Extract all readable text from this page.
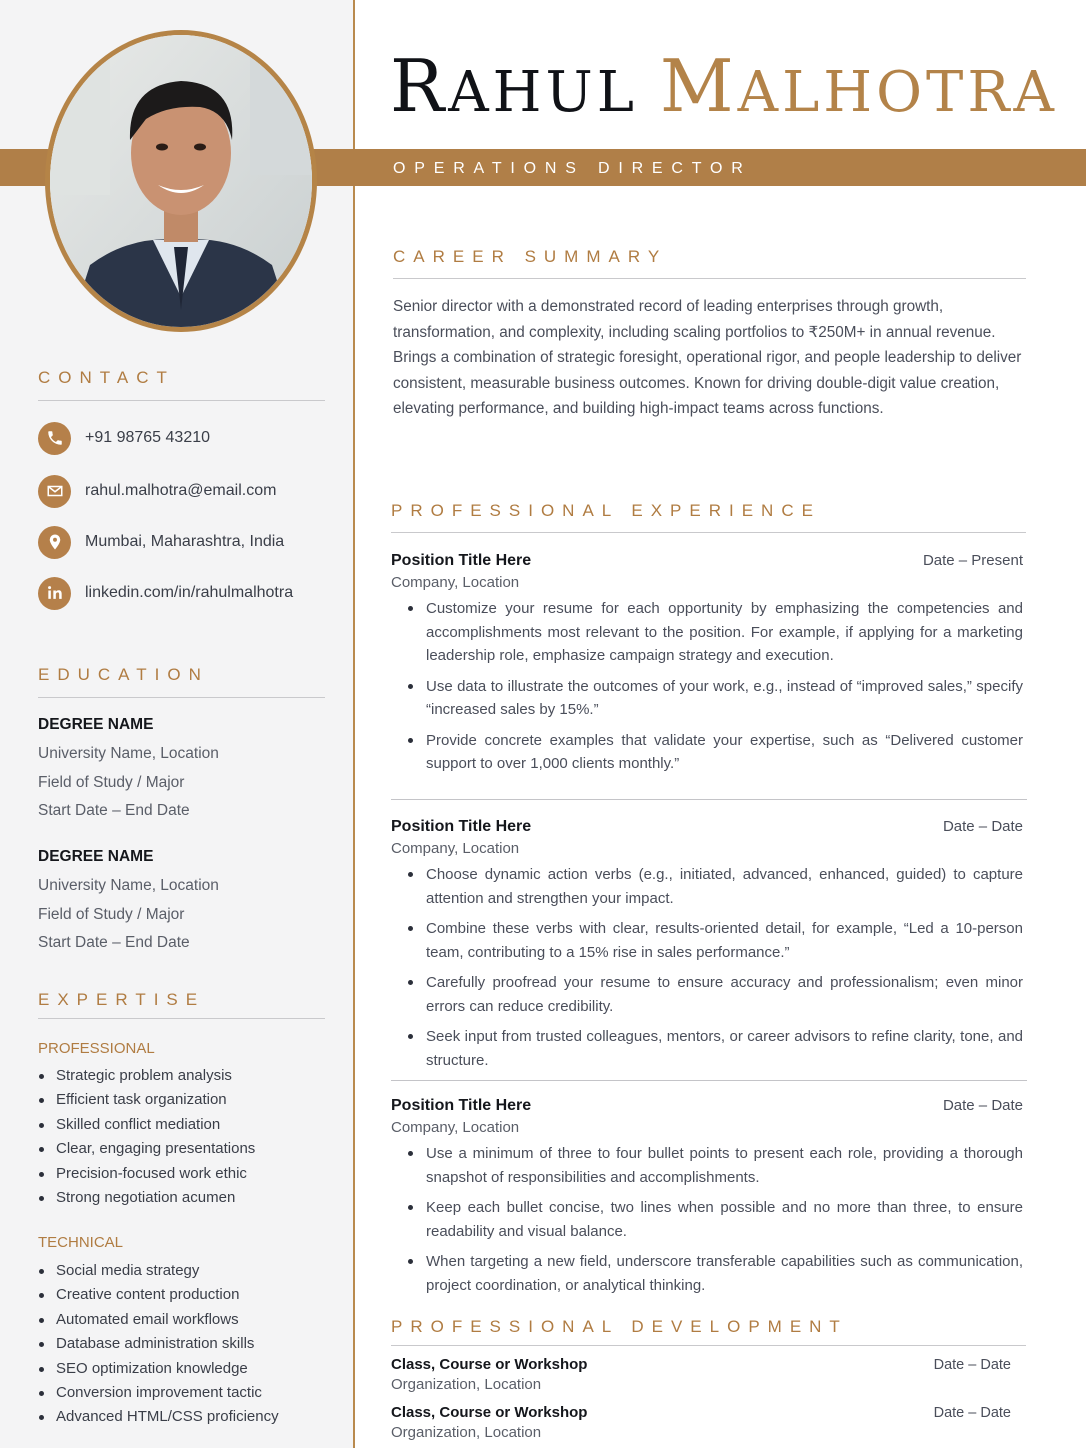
RAHUL MALHOTRA
OPERATIONS DIRECTOR
CONTACT
+91 98765 43210
rahul.malhotra@email.com
Mumbai, Maharashtra, India
linkedin.com/in/rahulmalhotra
EDUCATION
DEGREE NAME
University Name, Location
Field of Study / Major
Start Date – End Date
DEGREE NAME
University Name, Location
Field of Study / Major
Start Date – End Date
EXPERTISE
PROFESSIONAL
Strategic problem analysis
Efficient task organization
Skilled conflict mediation
Clear, engaging presentations
Precision-focused work ethic
Strong negotiation acumen
TECHNICAL
Social media strategy
Creative content production
Automated email workflows
Database administration skills
SEO optimization knowledge
Conversion improvement tactic
Advanced HTML/CSS proficiency
CAREER SUMMARY

Senior director with a demonstrated record of leading enterprises through growth, transformation, and complexity, including scaling portfolios to ₹250M+ in annual revenue. Brings a combination of strategic foresight, operational rigor, and people leadership to deliver consistent, measurable business outcomes. Known for driving double-digit value creation, elevating performance, and building high-impact teams across functions.

PROFESSIONAL EXPERIENCE
Position Title Here	Date – Present
Company, Location
Customize your resume for each opportunity by emphasizing the competencies and accomplishments most relevant to the position. For example, if applying for a marketing leadership role, emphasize campaign strategy and execution.
Use data to illustrate the outcomes of your work, e.g., instead of “improved sales,” specify “increased sales by 15%.”
Provide concrete examples that validate your expertise, such as “Delivered customer support to over 1,000 clients monthly.”
Position Title Here	Date – Date
Company, Location
Choose dynamic action verbs (e.g., initiated, advanced, enhanced, guided) to capture attention and strengthen your impact.
Combine these verbs with clear, results-oriented detail, for example, “Led a 10-person team, contributing to a 15% rise in sales performance.”
Carefully proofread your resume to ensure accuracy and professionalism; even minor errors can reduce credibility.
Seek input from trusted colleagues, mentors, or career advisors to refine clarity, tone, and structure.
Position Title Here	Date – Date
Company, Location
Use a minimum of three to four bullet points to present each role, providing a thorough snapshot of responsibilities and accomplishments.
Keep each bullet concise, two lines when possible and no more than three, to ensure readability and visual balance.
When targeting a new field, underscore transferable capabilities such as communication, project coordination, or analytical thinking.
PROFESSIONAL DEVELOPMENT
Class, Course or Workshop	Date – Date
Organization, Location
Class, Course or Workshop	Date – Date
Organization, Location
